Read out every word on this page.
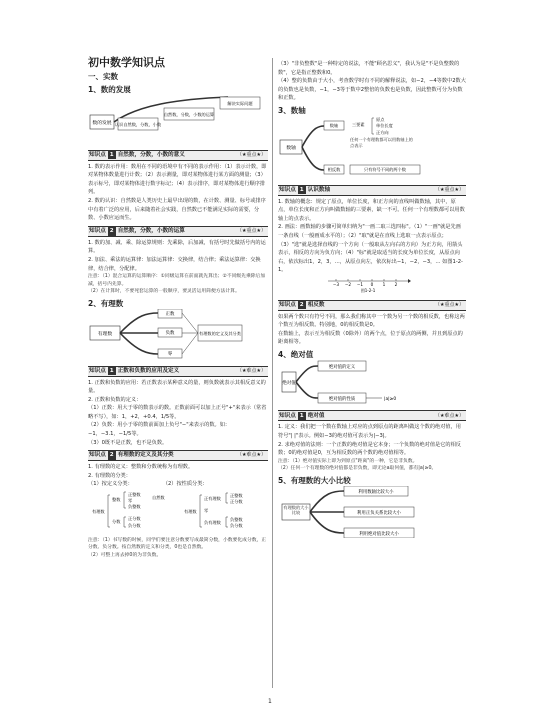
初中数学知识点
一、实数
1、数的发展
数的发展 认识自然数，分数，小数
自然数，分数，小数的运算
解决实际问题
知识点 1 自然数，分数，小数的意义	（★重点★）

1. 数的表示作用：数用在不同的语境中有不同的表示作用：（1）表示计数，即对某物体数量进行计数；（2）表示测量，即对某物体进行某方面的测量；（3）表示标号，即对某物体进行数字标记；（4）表示排序，即对某物体进行顺序排列。

2. 数的认识：自然数是人类历史上最早出现的数，在计数、测量、标号或排序中有着广泛的应用，后来随着社会实践，自然数已不能满足实际的需要，分数、小数应运而生。

知识点 2 自然数，分数，小数的运算	（★重点★）

1. 数的加、减、乘、除运算规则：先乘除，后加减，有括号时先做括号内的运算。

2. 加法、乘法的运算律：加法运算律：交换律，结合律；乘法运算律：交换律，结合律，分配律。

注意：（1）混合运算的运算顺序：①同级运算在前面就先算出；②不同级先乘除后加减，括号内先算。

（2）在计算时，不要死套运算的一般顺序，要灵活运用简便方法计算。

2、有理数
有理数
正数
负数
零
有理数的定义及其分类
知识点 1 正数和负数的应用及定义	（★难点★）

1. 正数和负数的应用：若正数表示某种意义的量，则负数就表示其相反意义的量。

2. 正数和负数的定义：

（1）正数：用大于零的数表示的数。正数前面可以加上正号"+"来表示（常省略不写），如：1，+2，+0.4，1/5等。

（2）负数：用小于零的数前面加上负号"−"来表示的数。如：−1，−3.1，−1/5等。

（3）0既不是正数，也不是负数。

知识点 2 有理数的定义及其分类	（★难点★）

1. 有理数的定义：整数和分数统称为有理数。

2. 有理数的分类：

（1）按定义分类：	（2）按性质分类：
有理数
整数
分数
正整数
零
负整数
正分数
负分数
自然数
有理数
正有理数
零
负有理数
正整数
正分数
负整数
负分数

注意：（1）书写数的时候，同学们要注意分数要写成最简分数，小数要化成分数，正分数、负分数。按自然数的定义和分类，0也是自然数。

（2）可整上再去掉0的为非负数。

（3）"非负整数"是一种特定的说法，不能"顾名思义"，我认为是"不是负整数的数"，它是指正整数和0。

（4）整的负数由于大小，考查数学时有不同的解释说法，如−2，−4等数中2数大的负数也是负数，−1，−3等于数中2整倍的负数也是负数，因此整数可分为负数和正数。

3、数轴
数轴
数轴
相反数
三要素
原点
单位长度
正方向
任何一个有理数都可以用数轴上的点表示
只有符号不同的两个数
知识点 1 认识数轴	（★重点★）

1. 数轴的概念：规定了原点，单位长度，和正方向的直线叫做数轴，其中，原点，单位长度和正方向叫做数轴的三要素，缺一不可。任何一个有理数都可以用数轴上的点表示。

2. 画法：画数轴的步骤可简单归纳为"一画二取三选四标"。（1）"一画"就是先画一条直线（一般画成水平的）；（2）"取"就是在直线上选取一点表示原点；（3）"选"就是选择直线的一个方向（一般取从左向右的方向）为正方向，用箭头表示，相反的方向为负方向；（4）"标"就是取适当的长度为单位长度，从原点向右，依次标出1，2，3，…，从原点向左，依次标出−1，−2，−3，… 如图1-2-1。

−3 −2 −1 0 1 2
图1-2-1
知识点 2 相反数	（★重点★）

如果两个数只有符号不同，那么我们称其中一个数为另一个数的相反数，也称这两个数互为相反数。特别地，0的相反数是0。

在数轴上，表示互为相反数（0除外）的两个点，位于原点的两侧，并且到原点的距离相等。

4、绝对值
绝对值
绝对值的定义
绝对值的性质	|a|≥0
知识点 1 绝对值	（★难点★）

1. 定义：我们把一个数在数轴上对应的点到原点的距离叫做这个数的绝对值，用符号"| |"表示。例如−3的绝对值可表示为|−3|。

2. 求绝对值的法则：一个正数的绝对值是它本身；一个负数的绝对值是它的相反数；0的绝对值是0，互为相反数的两个数的绝对值相等。

注意：（1）绝对值实际上即为到原点"距离"的一种，它是非负数。

（2）任何一个有理数的绝对值都是非负数，即无论a取何值，都有|a|≥0。

5、有理数的大小比较
有理数的大小比较
利用数轴比较大小
利用正负关系比较大小
利用绝对值比较大小
1
